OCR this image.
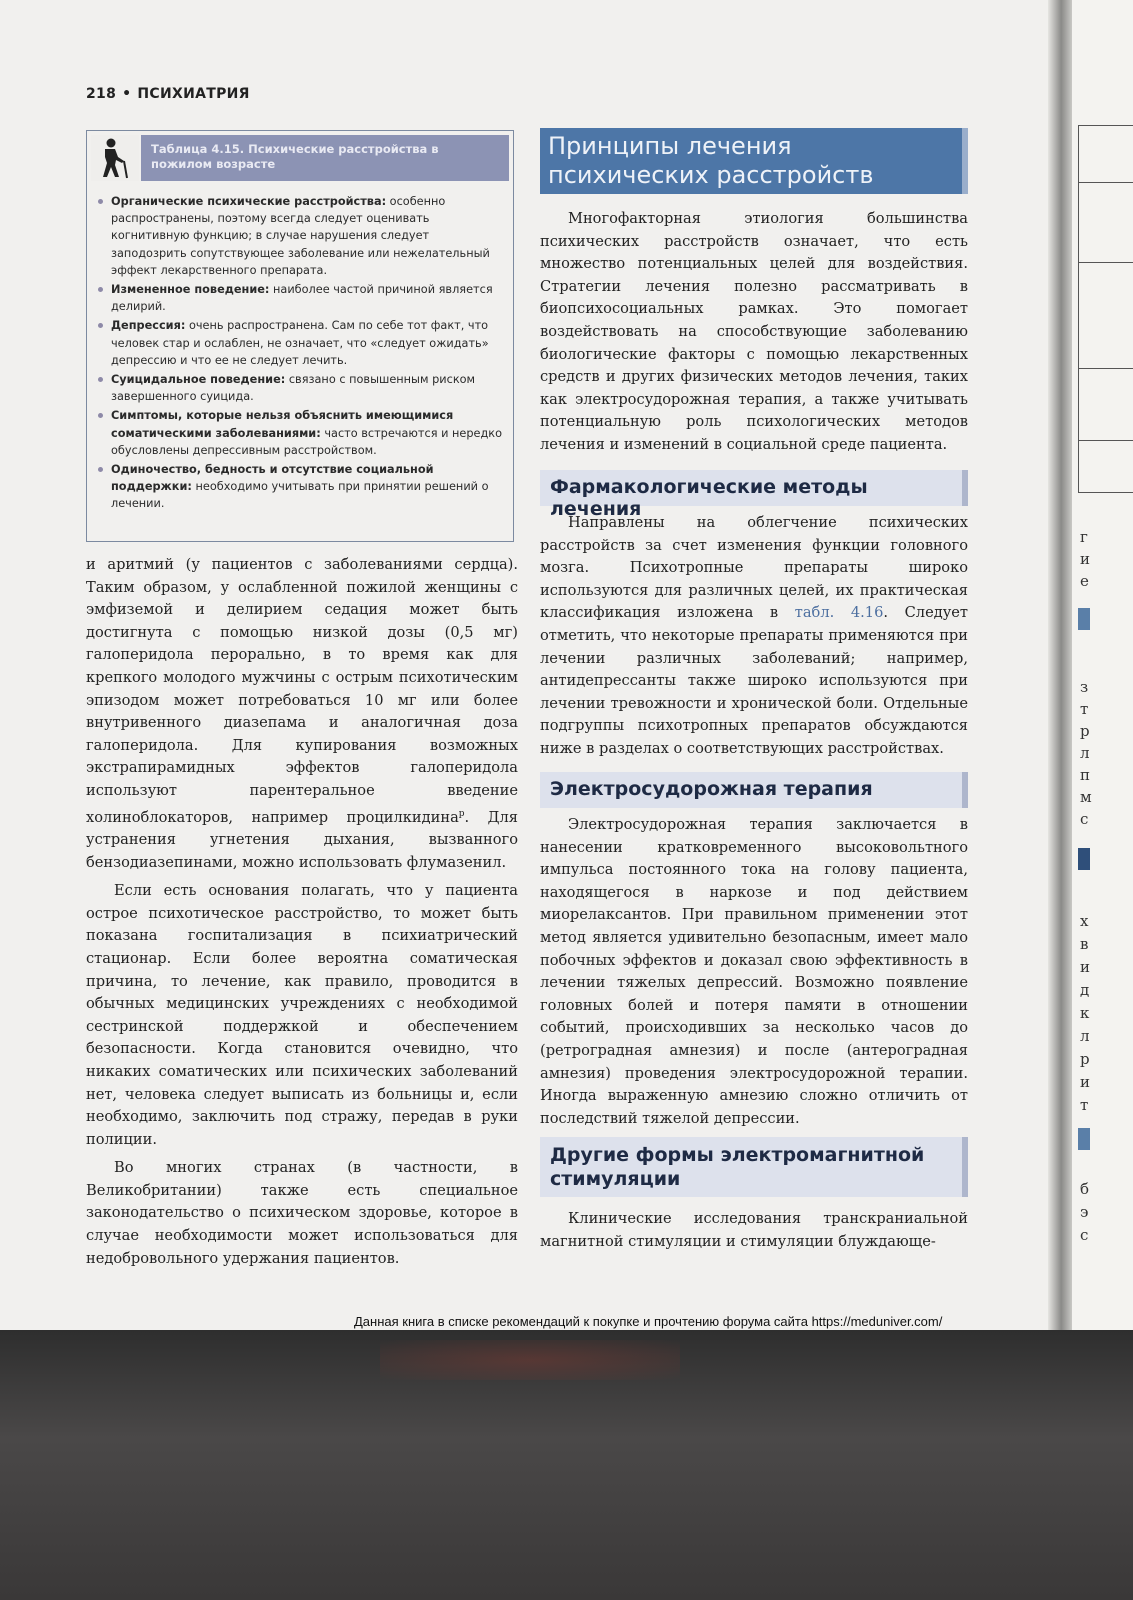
218 • ПСИХИАТРИЯ
Таблица 4.15. Психические расстройства в пожилом возрасте
Органические психические расстройства: особенно распространены, поэтому всегда следует оценивать когнитивную функцию; в случае нарушения следует заподозрить сопутствующее заболевание или нежелательный эффект лекарственного препарата.
Измененное поведение: наиболее частой причиной является делирий.
Депрессия: очень распространена. Сам по себе тот факт, что человек стар и ослаблен, не означает, что «следует ожидать» депрессию и что ее не следует лечить.
Суицидальное поведение: связано с повышенным риском завершенного суицида.
Симптомы, которые нельзя объяснить имеющимися соматическими заболеваниями: часто встречаются и нередко обусловлены депрессивным расстройством.
Одиночество, бедность и отсутствие социальной поддержки: необходимо учитывать при принятии решений о лечении.

и аритмий (у пациентов с заболеваниями сердца). Таким образом, у ослабленной пожилой женщины с эмфиземой и делирием седация может быть достигнута с помощью низкой дозы (0,5 мг) галоперидола перорально, в то время как для крепкого молодого мужчины с острым психотическим эпизодом может потребоваться 10 мг или более внутривенного диазепама и аналогичная доза галоперидола. Для купирования возможных экстрапирамидных эффектов галоперидола используют парентеральное введение холиноблокаторов, например процилкидина$^р$. Для устранения угнетения дыхания, вызванного бензодиазепинами, можно использовать флумазенил.

Если есть основания полагать, что у пациента острое психотическое расстройство, то может быть показана госпитализация в психиатрический стационар. Если более вероятна соматическая причина, то лечение, как правило, проводится в обычных медицинских учреждениях с необходимой сестринской поддержкой и обеспечением безопасности. Когда становится очевидно, что никаких соматических или психических заболеваний нет, человека следует выписать из больницы и, если необходимо, заключить под стражу, передав в руки полиции.

Во многих странах (в частности, в Великобритании) также есть специальное законодательство о психическом здоровье, которое в случае необходимости может использоваться для недобровольного удержания пациентов.

Принципы лечения психических расстройств

Многофакторная этиология большинства психических расстройств означает, что есть множество потенциальных целей для воздействия. Стратегии лечения полезно рассматривать в биопсихосоциальных рамках. Это помогает воздействовать на способствующие заболеванию биологические факторы с помощью лекарственных средств и других физических методов лечения, таких как электросудорожная терапия, а также учитывать потенциальную роль психологических методов лечения и изменений в социальной среде пациента.

Фармакологические методы лечения

Направлены на облегчение психических расстройств за счет изменения функции головного мозга. Психотропные препараты широко используются для различных целей, их практическая классификация изложена в табл. 4.16. Следует отметить, что некоторые препараты применяются при лечении различных заболеваний; например, антидепрессанты также широко используются при лечении тревожности и хронической боли. Отдельные подгруппы психотропных препаратов обсуждаются ниже в разделах о соответствующих расстройствах.

Электросудорожная терапия

Электросудорожная терапия заключается в нанесении кратковременного высоковольтного импульса постоянного тока на голову пациента, находящегося в наркозе и под действием миорелаксантов. При правильном применении этот метод является удивительно безопасным, имеет мало побочных эффектов и доказал свою эффективность в лечении тяжелых депрессий. Возможно появление головных болей и потеря памяти в отношении событий, происходивших за несколько часов до (ретроградная амнезия) и после (антероградная амнезия) проведения электросудорожной терапии. Иногда выраженную амнезию сложно отличить от последствий тяжелой депрессии.

Другие формы электромагнитной стимуляции

Клинические исследования транскраниальной магнитной стимуляции и стимуляции блуждающе-

Данная книга в списке рекомендаций к покупке и прочтению форума сайта https://meduniver.com/
г
и
е
з
т
р
л
п
м
с
х
в
и
д
к
л
р
и
т
б
э
с
